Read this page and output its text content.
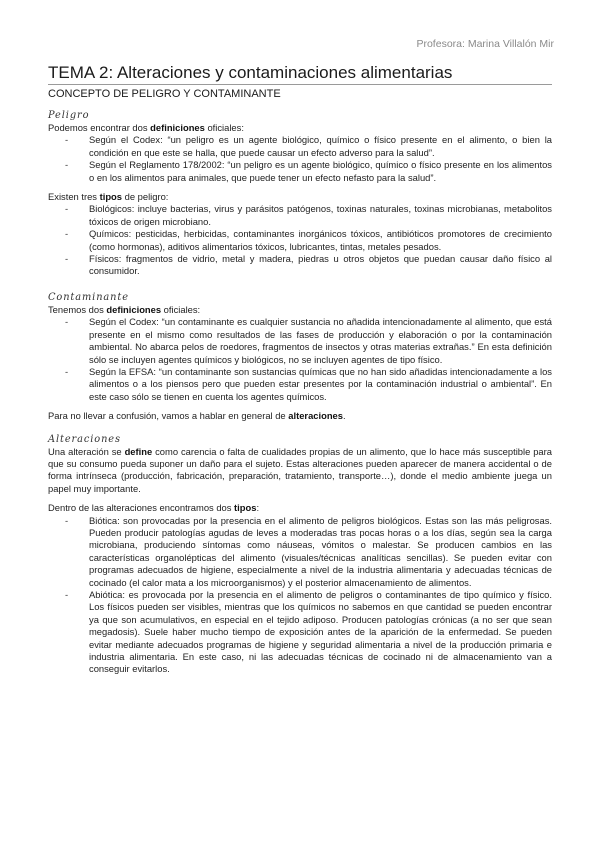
Profesora: Marina Villalón Mir
TEMA 2: Alteraciones y contaminaciones alimentarias
CONCEPTO DE PELIGRO Y CONTAMINANTE
Peligro

Podemos encontrar dos definiciones oficiales:

- Según el Codex: “un peligro es un agente biológico, químico o físico presente en el alimento, o bien la condición en que este se halla, que puede causar un efecto adverso para la salud”.
- Según el Reglamento 178/2002: “un peligro es un agente biológico, químico o físico presente en los alimentos o en los alimentos para animales, que puede tener un efecto nefasto para la salud”.

Existen tres tipos de peligro:

- Biológicos: incluye bacterias, virus y parásitos patógenos, toxinas naturales, toxinas microbianas, metabolitos tóxicos de origen microbiano.
- Químicos: pesticidas, herbicidas, contaminantes inorgánicos tóxicos, antibióticos promotores de crecimiento (como hormonas), aditivos alimentarios tóxicos, lubricantes, tintas, metales pesados.
- Físicos: fragmentos de vidrio, metal y madera, piedras u otros objetos que puedan causar daño físico al consumidor.
Contaminante

Tenemos dos definiciones oficiales:

- Según el Codex: “un contaminante es cualquier sustancia no añadida intencionadamente al alimento, que está presente en el mismo como resultados de las fases de producción y elaboración o por la contaminación ambiental. No abarca pelos de roedores, fragmentos de insectos y otras materias extrañas.” En esta definición sólo se incluyen agentes químicos y biológicos, no se incluyen agentes de tipo físico.
- Según la EFSA: “un contaminante son sustancias químicas que no han sido añadidas intencionadamente a los alimentos o a los piensos pero que pueden estar presentes por la contaminación industrial o ambiental”. En este caso sólo se tienen en cuenta los agentes químicos.

Para no llevar a confusión, vamos a hablar en general de alteraciones.

Alteraciones

Una alteración se define como carencia o falta de cualidades propias de un alimento, que lo hace más susceptible para que su consumo pueda suponer un daño para el sujeto. Estas alteraciones pueden aparecer de manera accidental o de forma intrínseca (producción, fabricación, preparación, tratamiento, transporte…), donde el medio ambiente juega un papel muy importante.

Dentro de las alteraciones encontramos dos tipos:

- Biótica: son provocadas por la presencia en el alimento de peligros biológicos. Estas son las más peligrosas. Pueden producir patologías agudas de leves a moderadas tras pocas horas o a los días, según sea la carga microbiana, produciendo síntomas como náuseas, vómitos o malestar. Se producen cambios en las características organolépticas del alimento (visuales/técnicas analíticas sencillas). Se pueden evitar con programas adecuados de higiene, especialmente a nivel de la industria alimentaria y adecuadas técnicas de cocinado (el calor mata a los microorganismos) y el posterior almacenamiento de alimentos.
- Abiótica: es provocada por la presencia en el alimento de peligros o contaminantes de tipo químico y físico. Los físicos pueden ser visibles, mientras que los químicos no sabemos en que cantidad se pueden encontrar ya que son acumulativos, en especial en el tejido adiposo. Producen patologías crónicas (a no ser que sean megadosis). Suele haber mucho tiempo de exposición antes de la aparición de la enfermedad. Se pueden evitar mediante adecuados programas de higiene y seguridad alimentaria a nivel de la producción primaria e industria alimentaria. En este caso, ni las adecuadas técnicas de cocinado ni de almacenamiento van a conseguir evitarlos.
